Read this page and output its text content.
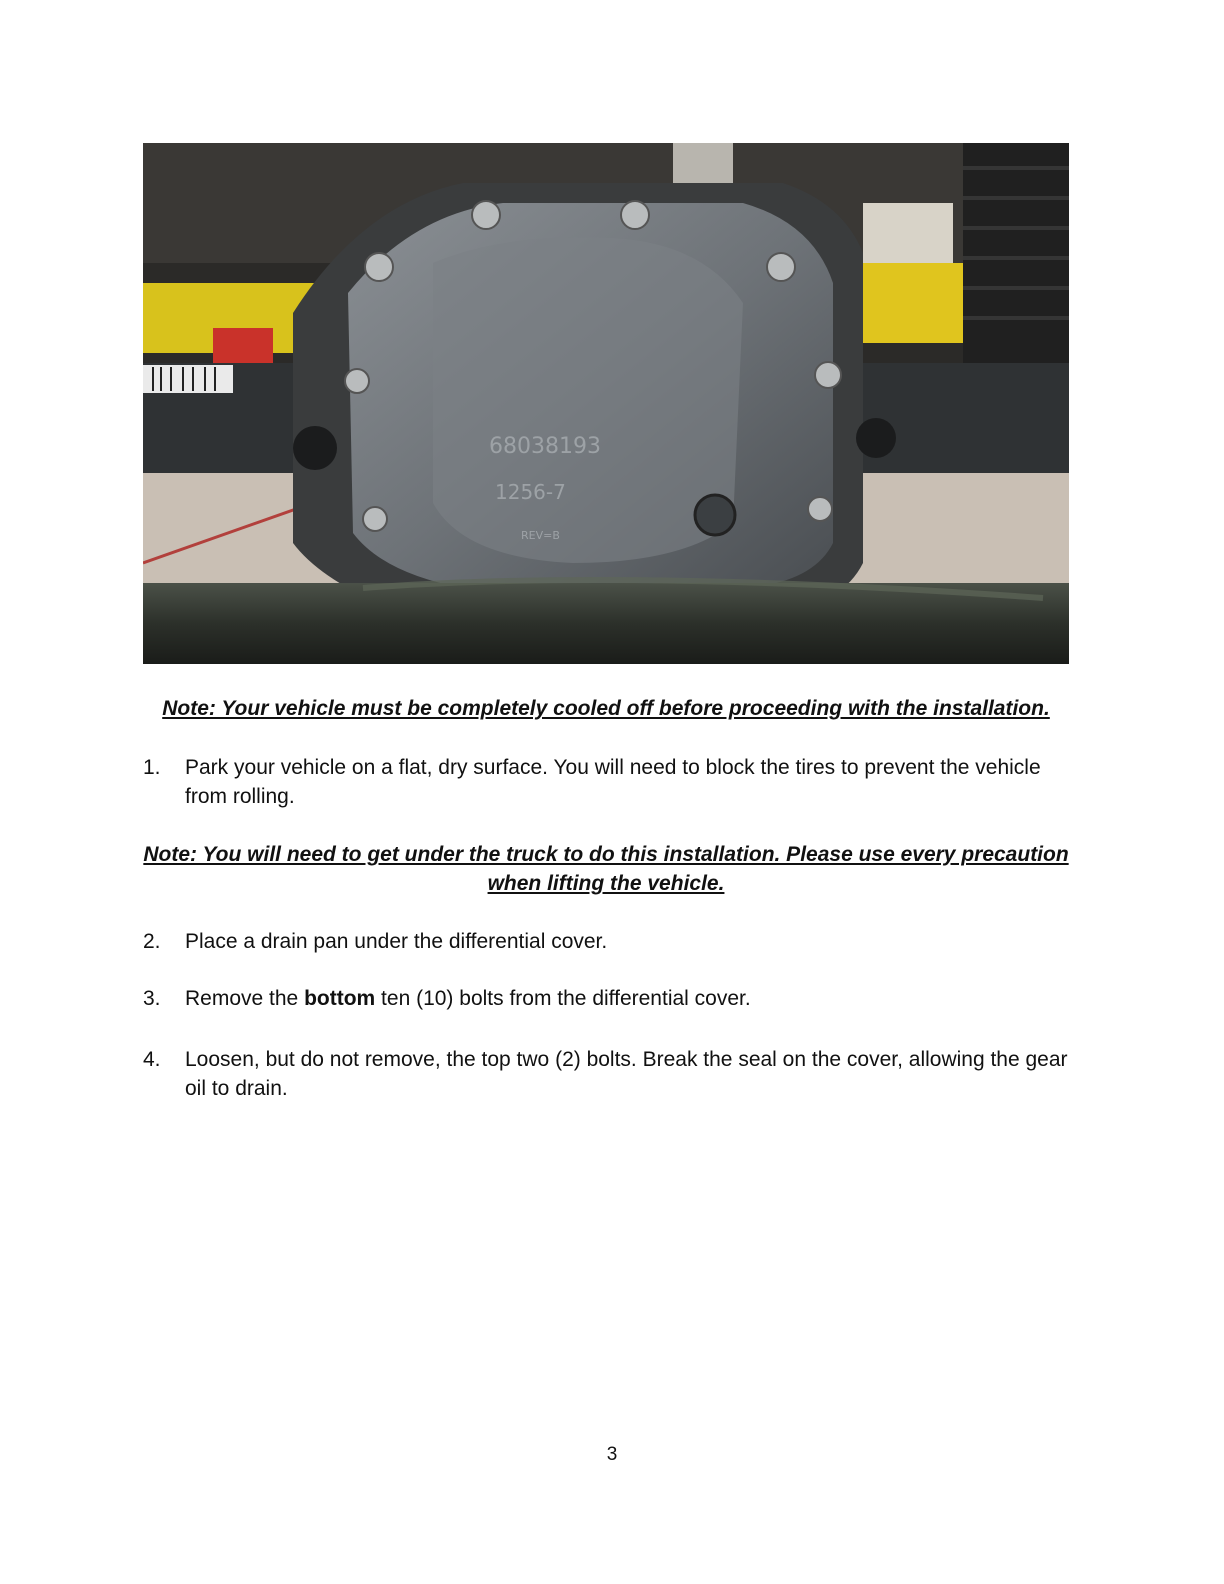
68038193
1256-7
REV=B
Note: Your vehicle must be completely cooled off before proceeding with the installation.
1. Park your vehicle on a flat, dry surface. You will need to block the tires to prevent the vehicle from rolling.
Note: You will need to get under the truck to do this installation. Please use every precaution when lifting the vehicle.
2. Place a drain pan under the differential cover.
3. Remove the bottom ten (10) bolts from the differential cover.
4. Loosen, but do not remove, the top two (2) bolts. Break the seal on the cover, allowing the gear oil to drain.
3
